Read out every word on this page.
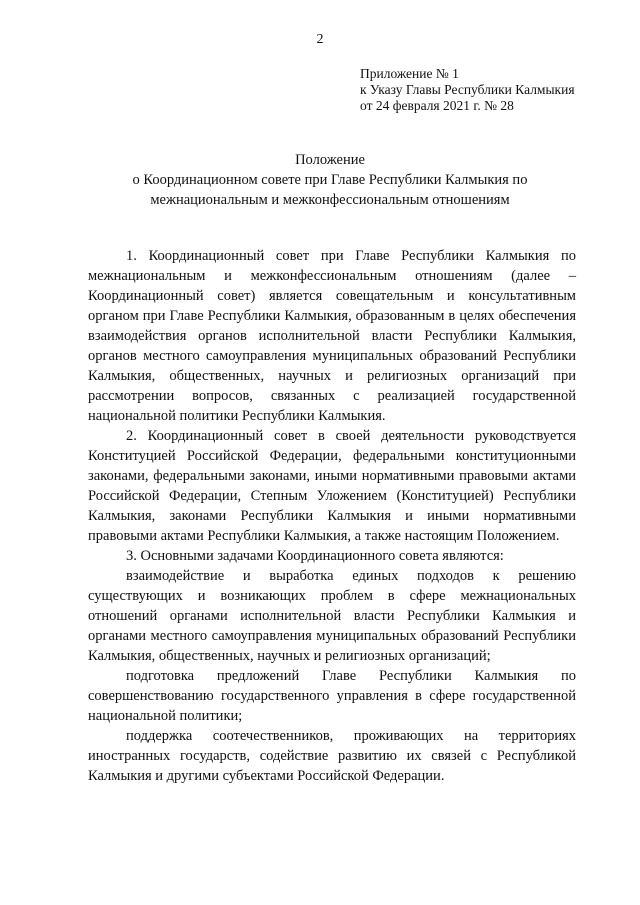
2
Приложение № 1
к Указу Главы Республики Калмыкия
от 24 февраля 2021 г. № 28
Положение
о Координационном совете при Главе Республики Калмыкия по
межнациональным и межконфессиональным отношениям

1. Координационный совет при Главе Республики Калмыкия по межнациональным и межконфессиональным отношениям (далее – Координационный совет) является совещательным и консультативным органом при Главе Республики Калмыкия, образованным в целях обеспечения взаимодействия органов исполнительной власти Республики Калмыкия, органов местного самоуправления муниципальных образований Республики Калмыкия, общественных, научных и религиозных организаций при рассмотрении вопросов, связанных с реализацией государственной национальной политики Республики Калмыкия.

2. Координационный совет в своей деятельности руководствуется Конституцией Российской Федерации, федеральными конституционными законами, федеральными законами, иными нормативными правовыми актами Российской Федерации, Степным Уложением (Конституцией) Республики Калмыкия, законами Республики Калмыкия и иными нормативными правовыми актами Республики Калмыкия, а также настоящим Положением.

3. Основными задачами Координационного совета являются:

взаимодействие и выработка единых подходов к решению существующих и возникающих проблем в сфере межнациональных отношений органами исполнительной власти Республики Калмыкия и органами местного самоуправления муниципальных образований Республики Калмыкия, общественных, научных и религиозных организаций;

подготовка предложений Главе Республики Калмыкия по совершенствованию государственного управления в сфере государственной национальной политики;

поддержка соотечественников, проживающих на территориях иностранных государств, содействие развитию их связей с Республикой Калмыкия и другими субъектами Российской Федерации.
